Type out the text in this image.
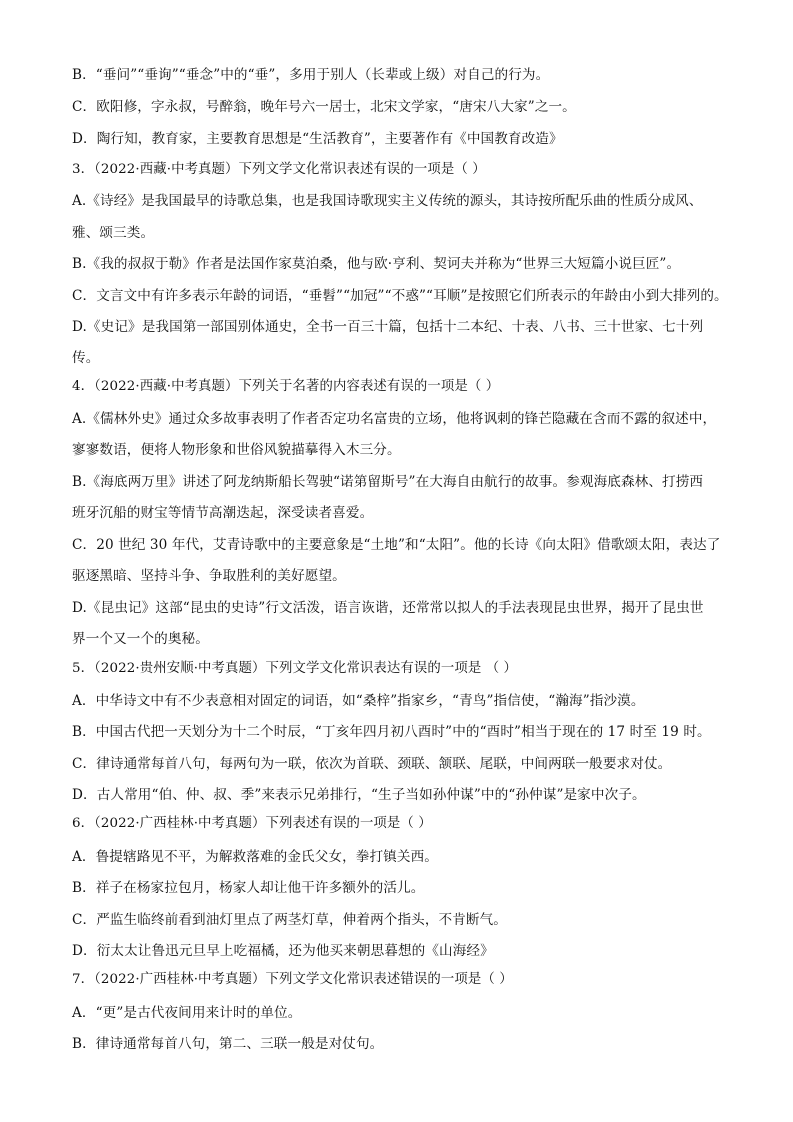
B．“垂问”“垂询”“垂念”中的“垂”，多用于别人（长辈或上级）对自己的行为。
C．欧阳修，字永叔，号醉翁，晚年号六一居士，北宋文学家，“唐宋八大家”之一。
D．陶行知，教育家，主要教育思想是“生活教育”，主要著作有《中国教育改造》
3．（2022·西藏·中考真题）下列文学文化常识表述有误的一项是（ ）
A.《诗经》是我国最早的诗歌总集，也是我国诗歌现实主义传统的源头，其诗按所配乐曲的性质分成风、
雅、颂三类。
B.《我的叔叔于勒》作者是法国作家莫泊桑，他与欧·亨利、契诃夫并称为“世界三大短篇小说巨匠”。
C．文言文中有许多表示年龄的词语，“垂髫”“加冠”“不惑”“耳顺”是按照它们所表示的年龄由小到大排列的。
D.《史记》是我国第一部国别体通史，全书一百三十篇，包括十二本纪、十表、八书、三十世家、七十列
传。
4．（2022·西藏·中考真题）下列关于名著的内容表述有误的一项是（ ）
A.《儒林外史》通过众多故事表明了作者否定功名富贵的立场，他将讽刺的锋芒隐藏在含而不露的叙述中，
寥寥数语，便将人物形象和世俗风貌描摹得入木三分。
B.《海底两万里》讲述了阿龙纳斯船长驾驶“诺第留斯号”在大海自由航行的故事。参观海底森林、打捞西
班牙沉船的财宝等情节高潮迭起，深受读者喜爱。
C．20 世纪 30 年代，艾青诗歌中的主要意象是“土地”和“太阳”。他的长诗《向太阳》借歌颂太阳，表达了
驱逐黑暗、坚持斗争、争取胜利的美好愿望。
D.《昆虫记》这部“昆虫的史诗”行文活泼，语言诙谐，还常常以拟人的手法表现昆虫世界，揭开了昆虫世
界一个又一个的奥秘。
5．（2022·贵州安顺·中考真题）下列文学文化常识表达有误的一项是 （ ）
A．中华诗文中有不少表意相对固定的词语，如“桑梓”指家乡，“青鸟”指信使，“瀚海”指沙漠。
B．中国古代把一天划分为十二个时辰，“丁亥年四月初八酉时”中的“酉时”相当于现在的 17 时至 19 时。
C．律诗通常每首八句，每两句为一联，依次为首联、颈联、颔联、尾联，中间两联一般要求对仗。
D．古人常用“伯、仲、叔、季”来表示兄弟排行，“生子当如孙仲谋”中的“孙仲谋”是家中次子。
6．（2022·广西桂林·中考真题）下列表述有误的一项是（ ）
A．鲁提辖路见不平，为解救落难的金氏父女，拳打镇关西。
B．祥子在杨家拉包月，杨家人却让他干许多额外的活儿。
C．严监生临终前看到油灯里点了两茎灯草，伸着两个指头，不肯断气。
D．衍太太让鲁迅元旦早上吃福橘，还为他买来朝思暮想的《山海经》
7．（2022·广西桂林·中考真题）下列文学文化常识表述错误的一项是（ ）
A．“更”是古代夜间用来计时的单位。
B．律诗通常每首八句，第二、三联一般是对仗句。
